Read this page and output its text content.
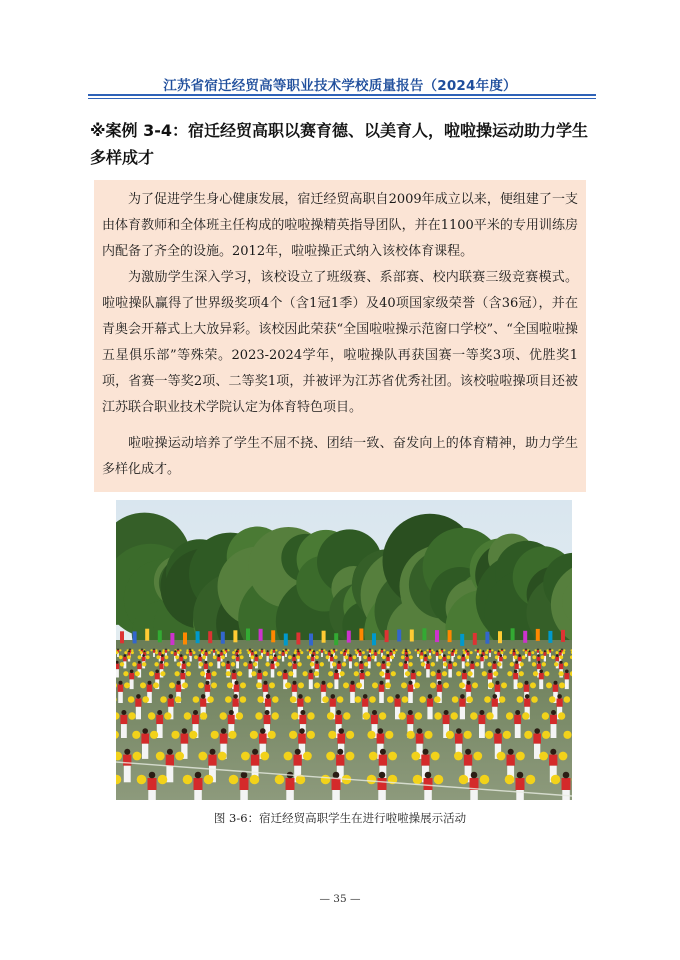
江苏省宿迁经贸高等职业技术学校质量报告（2024年度）
※案例 3-4：宿迁经贸高职以赛育德、以美育人，啦啦操运动助力学生多样成才
为了促进学生身心健康发展，宿迁经贸高职自2009年成立以来，便组建了一支由体育教师和全体班主任构成的啦啦操精英指导团队，并在1100平米的专用训练房内配备了齐全的设施。2012年，啦啦操正式纳入该校体育课程。
为激励学生深入学习，该校设立了班级赛、系部赛、校内联赛三级竞赛模式。啦啦操队赢得了世界级奖项4个（含1冠1季）及40项国家级荣誉（含36冠），并在青奥会开幕式上大放异彩。该校因此荣获“全国啦啦操示范窗口学校”、“全国啦啦操五星俱乐部”等殊荣。2023-2024学年，啦啦操队再获国赛一等奖3项、优胜奖1项，省赛一等奖2项、二等奖1项，并被评为江苏省优秀社团。该校啦啦操项目还被江苏联合职业技术学院认定为体育特色项目。
啦啦操运动培养了学生不屈不挠、团结一致、奋发向上的体育精神，助力学生多样化成才。
图 3-6：宿迁经贸高职学生在进行啦啦操展示活动
— 35 —
